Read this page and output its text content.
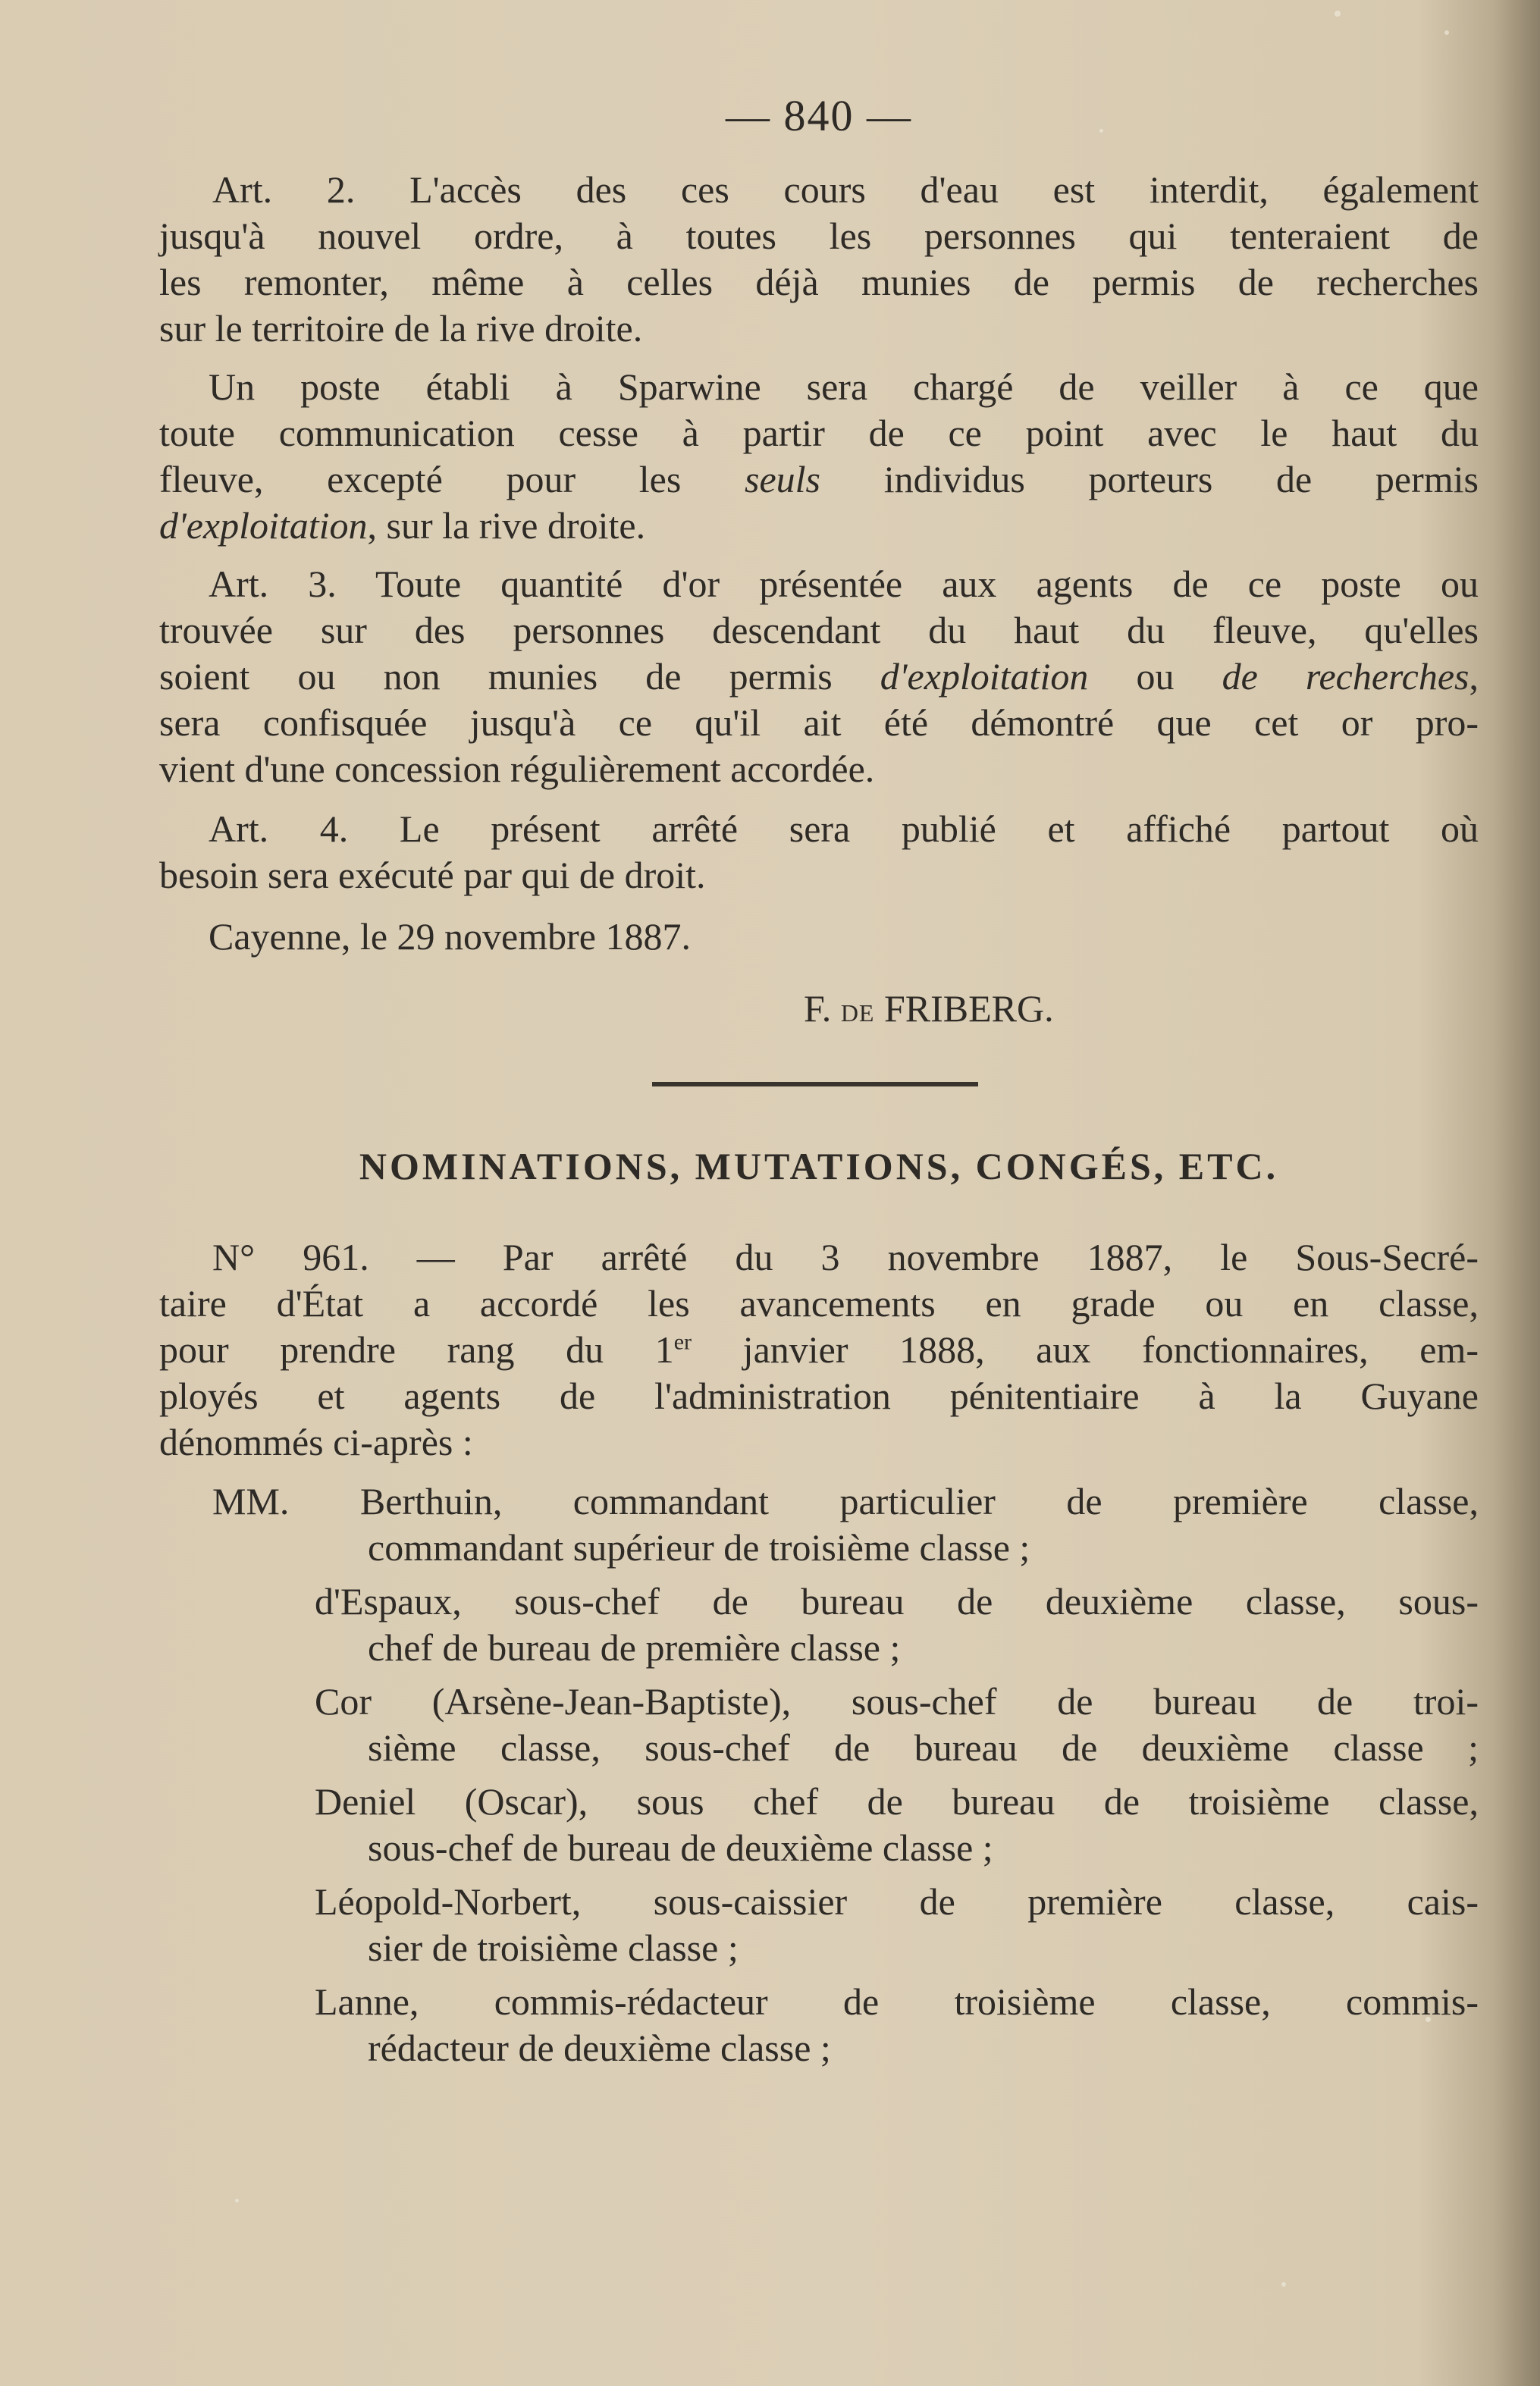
— 840 —
Art. 2. L'accès des ces cours d'eau est interdit, également
jusqu'à nouvel ordre, à toutes les personnes qui tenteraient de
les remonter, même à celles déjà munies de permis de recherches
sur le territoire de la rive droite.
Un poste établi à Sparwine sera chargé de veiller à ce que
toute communication cesse à partir de ce point avec le haut du
fleuve, excepté pour les seuls individus porteurs de permis
d'exploitation, sur la rive droite.
Art. 3. Toute quantité d'or présentée aux agents de ce poste ou
trouvée sur des personnes descendant du haut du fleuve, qu'elles
soient ou non munies de permis d'exploitation ou de recherches,
sera confisquée jusqu'à ce qu'il ait été démontré que cet or pro-
vient d'une concession régulièrement accordée.
Art. 4. Le présent arrêté sera publié et affiché partout où
besoin sera exécuté par qui de droit.
Cayenne, le 29 novembre 1887.
F. DE FRIBERG.
NOMINATIONS, MUTATIONS, CONGÉS, ETC.
N° 961. — Par arrêté du 3 novembre 1887, le Sous-Secré-
taire d'État a accordé les avancements en grade ou en classe,
pour prendre rang du 1er janvier 1888, aux fonctionnaires, em-
ployés et agents de l'administration pénitentiaire à la Guyane
dénommés ci-après :
MM. Berthuin, commandant particulier de première classe,
commandant supérieur de troisième classe ;
d'Espaux, sous-chef de bureau de deuxième classe, sous-
chef de bureau de première classe ;
Cor (Arsène-Jean-Baptiste), sous-chef de bureau de troi-
sième classe, sous-chef de bureau de deuxième classe ;
Deniel (Oscar), sous chef de bureau de troisième classe,
sous-chef de bureau de deuxième classe ;
Léopold-Norbert, sous-caissier de première classe, cais-
sier de troisième classe ;
Lanne, commis-rédacteur de troisième classe, commis-
rédacteur de deuxième classe ;
